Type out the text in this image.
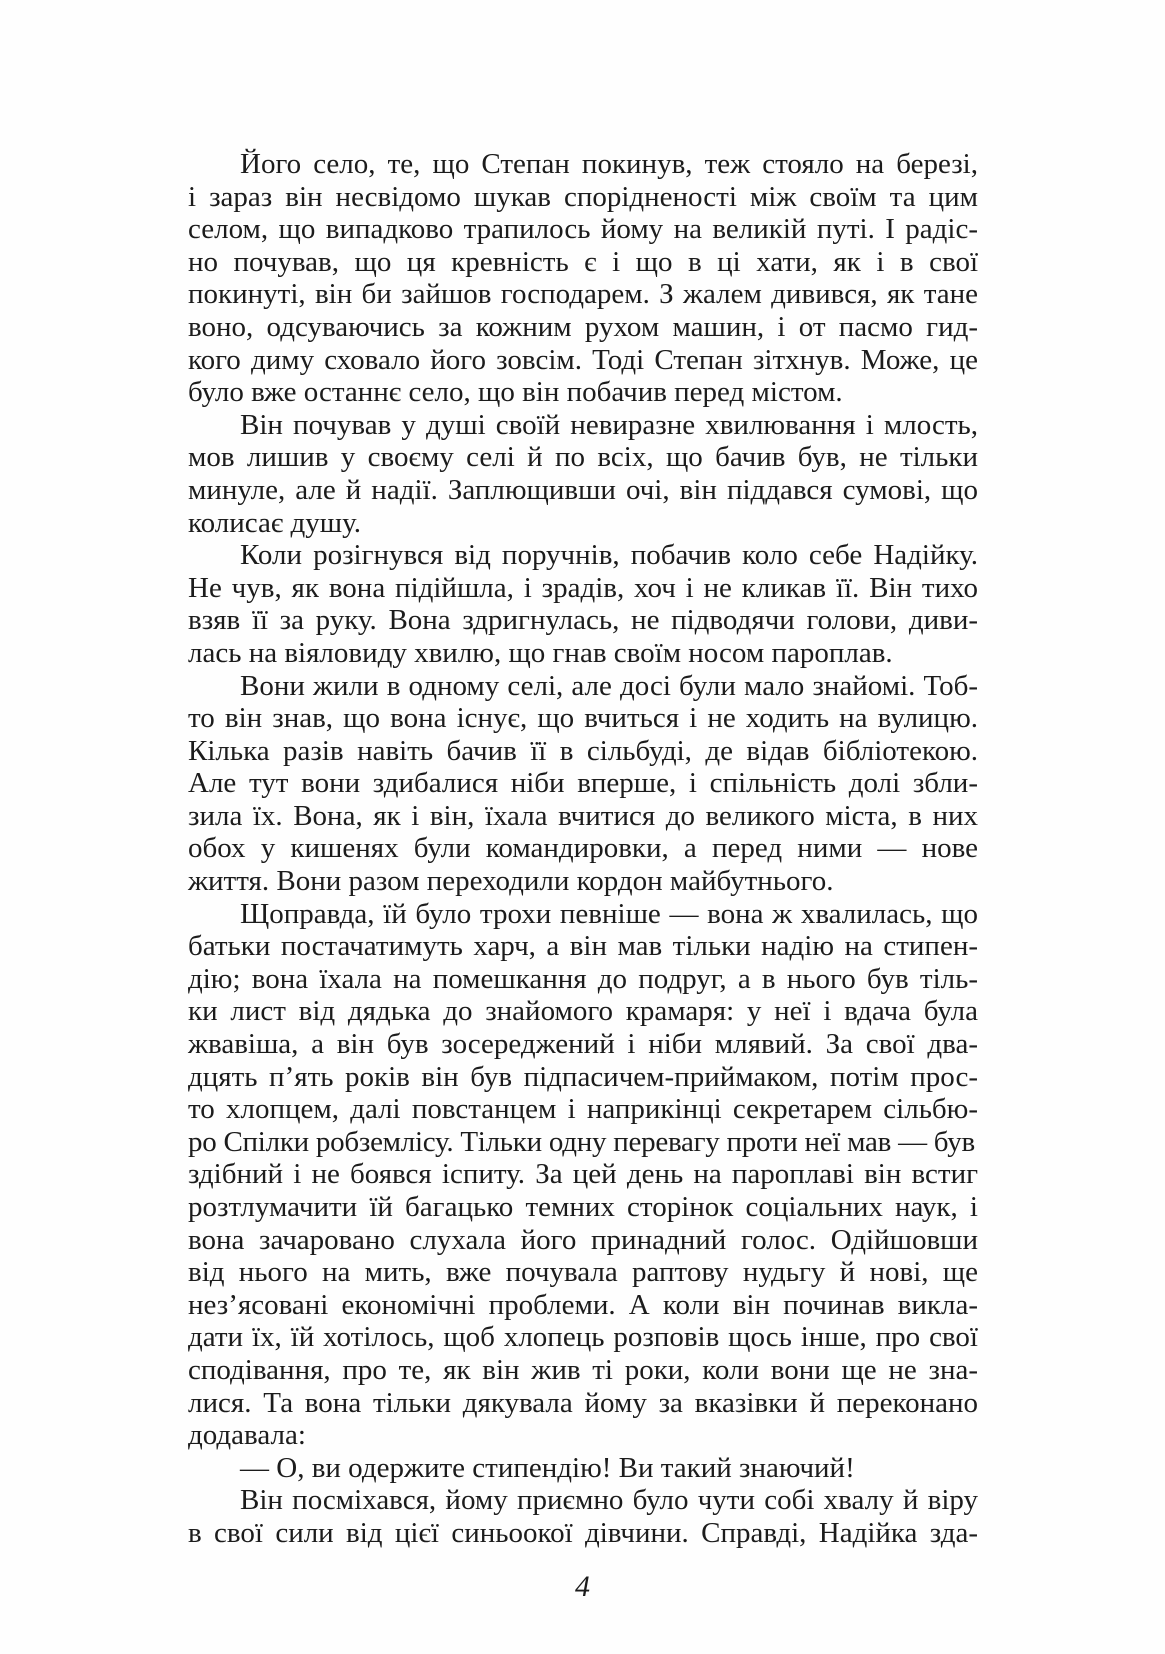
Його село, те, що Степан покинув, теж стояло на березі,
і зараз він несвідомо шукав спорідненості між своїм та цим
селом, що випадково трапилось йому на великій путі. І радіс-
но почував, що ця кревність є і що в ці хати, як і в свої
покинуті, він би зайшов господарем. З жалем дивився, як тане
воно, одсуваючись за кожним рухом машин, і от пасмо гид-
кого диму сховало його зовсім. Тоді Степан зітхнув. Може, це
було вже останнє село, що він побачив перед містом.
Він почував у душі своїй невиразне хвилювання і млость,
мов лишив у своєму селі й по всіх, що бачив був, не тільки
минуле, але й надії. Заплющивши очі, він піддався сумові, що
колисає душу.
Коли розігнувся від поручнів, побачив коло себе Надійку.
Не чув, як вона підійшла, і зрадів, хоч і не кликав її. Він тихо
взяв її за руку. Вона здригнулась, не підводячи голови, диви-
лась на віяловиду хвилю, що гнав своїм носом пароплав.
Вони жили в одному селі, але досі були мало знайомі. Тоб-
то він знав, що вона існує, що вчиться і не ходить на вулицю.
Кілька разів навіть бачив її в сільбуді, де відав бібліотекою.
Але тут вони здибалися ніби вперше, і спільність долі збли-
зила їх. Вона, як і він, їхала вчитися до великого міста, в них
обох у кишенях були командировки, а перед ними — нове
життя. Вони разом переходили кордон майбутнього.
Щоправда, їй було трохи певніше — вона ж хвалилась, що
батьки постачатимуть харч, а він мав тільки надію на стипен-
дію; вона їхала на помешкання до подруг, а в нього був тіль-
ки лист від дядька до знайомого крамаря: у неї і вдача була
жвавіша, а він був зосереджений і ніби млявий. За свої два-
дцять п’ять років він був підпасичем-приймаком, потім прос-
то хлопцем, далі повстанцем і наприкінці секретарем сільбю-
ро Спілки робземлісу. Тільки одну перевагу проти неї мав — був
здібний і не боявся іспиту. За цей день на пароплаві він встиг
розтлумачити їй багацько темних сторінок соціальних наук, і
вона зачаровано слухала його принадний голос. Одійшовши
від нього на мить, вже почувала раптову нудьгу й нові, ще
нез’ясовані економічні проблеми. А коли він починав викла-
дати їх, їй хотілось, щоб хлопець розповів щось інше, про свої
сподівання, про те, як він жив ті роки, коли вони ще не зна-
лися. Та вона тільки дякувала йому за вказівки й переконано
додавала:
— О, ви одержите стипендію! Ви такий знаючий!
Він посміхався, йому приємно було чути собі хвалу й віру
в свої сили від цієї синьоокої дівчини. Справді, Надійка зда-
4
